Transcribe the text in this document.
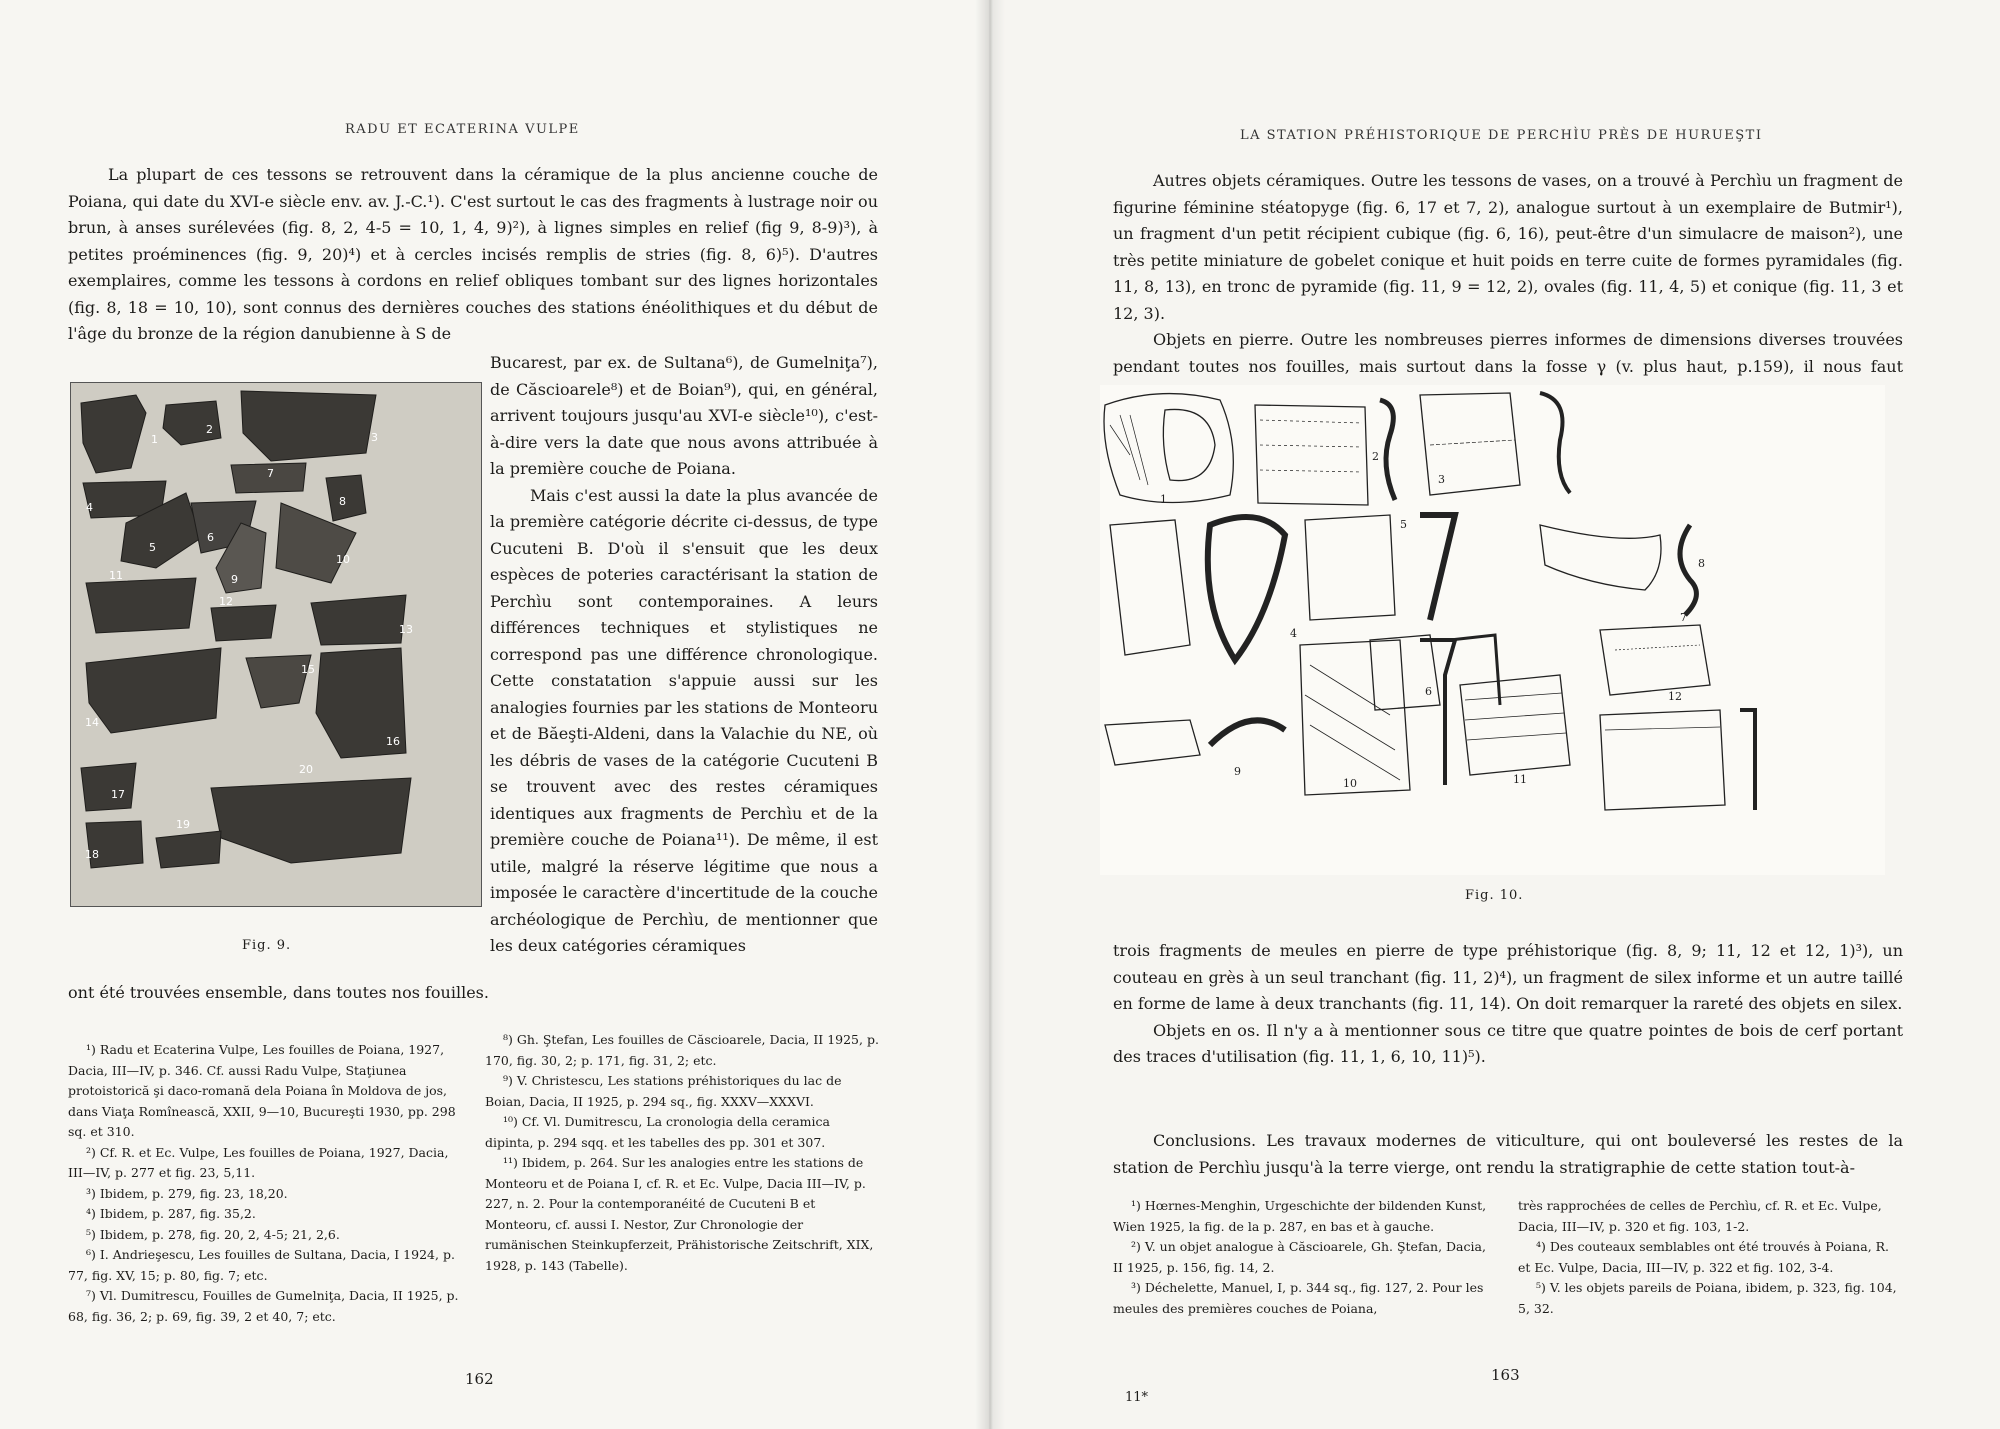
RADU ET ECATERINA VULPE

La plupart de ces tessons se retrouvent dans la céramique de la plus ancienne couche de Poiana, qui date du XVI-e siècle env. av. J.-C.¹). C'est surtout le cas des fragments à lustrage noir ou brun, à anses surélevées (fig. 8, 2, 4-5 = 10, 1, 4, 9)²), à lignes simples en relief (fig 9, 8-9)³), à petites proéminences (fig. 9, 20)⁴) et à cercles incisés remplis de stries (fig. 8, 6)⁵). D'autres exemplaires, comme les tessons à cordons en relief obliques tombant sur des lignes horizontales (fig. 8, 18 = 10, 10), sont connus des dernières couches des stations énéolithiques et du début de l'âge du bronze de la région danubienne à S de

Bucarest, par ex. de Sultana⁶), de Gumelniţa⁷), de Căscioarele⁸) et de Boian⁹), qui, en général, arrivent toujours jusqu'au XVI-e siècle¹⁰), c'est-à-dire vers la date que nous avons attribuée à la première couche de Poiana.

Mais c'est aussi la date la plus avancée de la première catégorie décrite ci-dessus, de type Cucuteni B. D'où il s'ensuit que les deux espèces de poteries caractérisant la station de Perchìu sont contemporaines. A leurs différences techniques et stylistiques ne correspond pas une différence chronologique. Cette constatation s'appuie aussi sur les analogies fournies par les stations de Monteoru et de Băeşti-Aldeni, dans la Valachie du NE, où les débris de vases de la catégorie Cucuteni B se trouvent avec des restes céramiques identiques aux fragments de Perchìu et de la première couche de Poiana¹¹). De même, il est utile, malgré la réserve légitime que nous a imposée le caractère d'incertitude de la couche archéologique de Perchìu, de mentionner que les deux catégories céramiques

ont été trouvées ensemble, dans toutes nos fouilles.

1
2
3
4
5
6
7
8
9
10
11
12
13
14
15
16
17
18
19
20
Fig. 9.

¹) Radu et Ecaterina Vulpe, Les fouilles de Poiana, 1927, Dacia, III—IV, p. 346. Cf. aussi Radu Vulpe, Staţiunea protoistorică şi daco-romană dela Poiana în Moldova de jos, dans Viaţa Romînească, XXII, 9—10, Bucureşti 1930, pp. 298 sq. et 310.

²) Cf. R. et Ec. Vulpe, Les fouilles de Poiana, 1927, Dacia, III—IV, p. 277 et fig. 23, 5,11.

³) Ibidem, p. 279, fig. 23, 18,20.

⁴) Ibidem, p. 287, fig. 35,2.

⁵) Ibidem, p. 278, fig. 20, 2, 4-5; 21, 2,6.

⁶) I. Andrieşescu, Les fouilles de Sultana, Dacia, I 1924, p. 77, fig. XV, 15; p. 80, fig. 7; etc.

⁷) Vl. Dumitrescu, Fouilles de Gumelniţa, Dacia, II 1925, p. 68, fig. 36, 2; p. 69, fig. 39, 2 et 40, 7; etc.

⁸) Gh. Ştefan, Les fouilles de Căscioarele, Dacia, II 1925, p. 170, fig. 30, 2; p. 171, fig. 31, 2; etc.

⁹) V. Christescu, Les stations préhistoriques du lac de Boian, Dacia, II 1925, p. 294 sq., fig. XXXV—XXXVI.

¹⁰) Cf. Vl. Dumitrescu, La cronologia della ceramica dipinta, p. 294 sqq. et les tabelles des pp. 301 et 307.

¹¹) Ibidem, p. 264. Sur les analogies entre les stations de Monteoru et de Poiana I, cf. R. et Ec. Vulpe, Dacia III—IV, p. 227, n. 2. Pour la contemporanéité de Cucuteni B et Monteoru, cf. aussi I. Nestor, Zur Chronologie der rumänischen Steinkupferzeit, Prähistorische Zeitschrift, XIX, 1928, p. 143 (Tabelle).

162
LA STATION PRÉHISTORIQUE DE PERCHÌU PRÈS DE HURUEŞTI

Autres objets céramiques. Outre les tessons de vases, on a trouvé à Perchìu un fragment de figurine féminine stéatopyge (fig. 6, 17 et 7, 2), analogue surtout à un exemplaire de Butmir¹), un fragment d'un petit récipient cubique (fig. 6, 16), peut-être d'un simulacre de maison²), une très petite miniature de gobelet conique et huit poids en terre cuite de formes pyramidales (fig. 11, 8, 13), en tronc de pyramide (fig. 11, 9 = 12, 2), ovales (fig. 11, 4, 5) et conique (fig. 11, 3 et 12, 3).

Objets en pierre. Outre les nombreuses pierres informes de dimensions diverses trouvées pendant toutes nos fouilles, mais surtout dans la fosse γ (v. plus haut, p.159), il nous faut

1
2
3
4
5
6
7
8
9
10	11
12
Fig. 10.

trois fragments de meules en pierre de type préhistorique (fig. 8, 9; 11, 12 et 12, 1)³), un couteau en grès à un seul tranchant (fig. 11, 2)⁴), un fragment de silex informe et un autre taillé en forme de lame à deux tranchants (fig. 11, 14). On doit remarquer la rareté des objets en silex.

Objets en os. Il n'y a à mentionner sous ce titre que quatre pointes de bois de cerf portant des traces d'utilisation (fig. 11, 1, 6, 10, 11)⁵).

Conclusions. Les travaux modernes de viticulture, qui ont bouleversé les restes de la station de Perchìu jusqu'à la terre vierge, ont rendu la stratigraphie de cette station tout-à-

¹) Hœrnes-Menghin, Urgeschichte der bildenden Kunst, Wien 1925, la fig. de la p. 287, en bas et à gauche.

²) V. un objet analogue à Căscioarele, Gh. Ştefan, Dacia, II 1925, p. 156, fig. 14, 2.

³) Déchelette, Manuel, I, p. 344 sq., fig. 127, 2. Pour les meules des premières couches de Poiana,

très rapprochées de celles de Perchìu, cf. R. et Ec. Vulpe, Dacia, III—IV, p. 320 et fig. 103, 1-2.

⁴) Des couteaux semblables ont été trouvés à Poiana, R. et Ec. Vulpe, Dacia, III—IV, p. 322 et fig. 102, 3-4.

⁵) V. les objets pareils de Poiana, ibidem, p. 323, fig. 104, 5, 32.

163
11*
